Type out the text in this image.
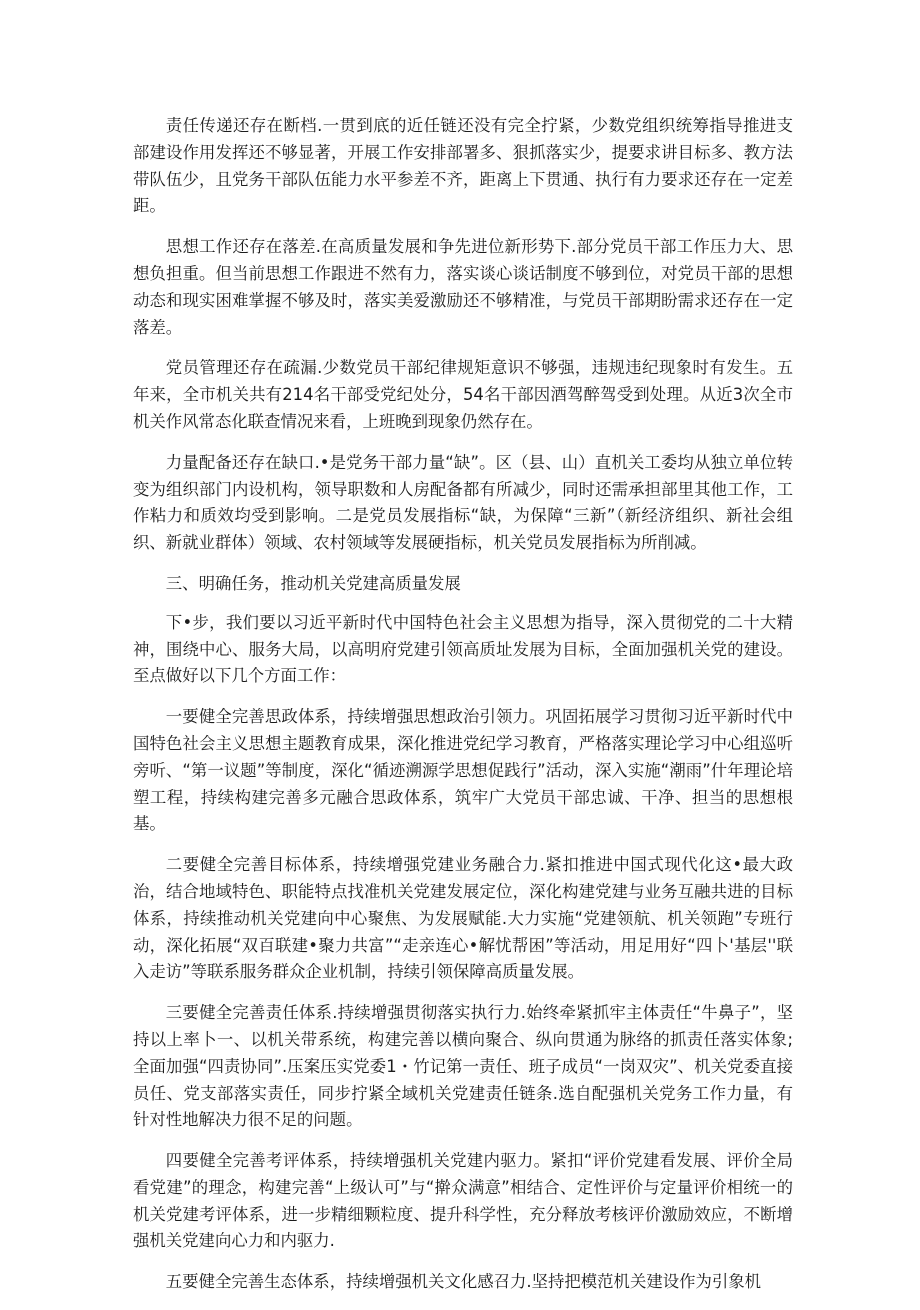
责任传递还存在断档.一贯到底的近任链还没有完全拧紧，少数党组织统筹指导推进支部建设作用发挥还不够显著，开展工作安排部署多、狠抓落实少，提要求讲目标多、教方法带队伍少，且党务干部队伍能力水平参差不齐，距离上下贯通、执行有力要求还存在一定差距。

思想工作还存在落差.在高质量发展和争先进位新形势下.部分党员干部工作压力大、思想负担重。但当前思想工作跟进不然有力，落实谈心谈话制度不够到位，对党员干部的思想动态和现实困难掌握不够及时，落实美爱激励还不够精准，与党员干部期盼需求还存在一定落差。

党员管理还存在疏漏.少数党员干部纪律规矩意识不够强，违规违纪现象时有发生。五年来，全市机关共有214名干部受党纪处分，54名干部因酒驾醉驾受到处理。从近3次全市机关作风常态化联查情况来看，上班晚到现象仍然存在。

力量配备还存在缺口.•是党务干部力量“缺”。区（县、山）直机关工委均从独立单位转变为组织部门内设机构，领导职数和人房配备都有所减少，同时还需承担部里其他工作，工作粘力和质效均受到影响。二是党员发展指标“缺，为保障“三新”（新经济组织、新社会组织、新就业群体）领域、农村领域等发展硬指标，机关党员发展指标为所削减。

三、明确任务，推动机关党建高质量发展

下•步，我们要以习近平新时代中国特色社会主义思想为指导，深入贯彻党的二十大精神，围绕中心、服务大局，以高明府党建引领高质址发展为目标，全面加强机关党的建设。至点做好以下几个方面工作：

一要健全完善思政体系，持续增强思想政治引领力。巩固拓展学习贯彻习近平新时代中国特色社会主义思想主题教育成果，深化推进党纪学习教育，严格落实理论学习中心组巡听旁听、“第一议题”等制度，深化“循迹溯源学思想促践行”活动，深入实施“潮雨”什年理论培塑工程，持续构建完善多元融合思政体系，筑牢广大党员干部忠诚、干净、担当的思想根基。

二要健全完善目标体系，持续增强党建业务融合力.紧扣推进中国式现代化这•最大政治，结合地域特色、职能特点找准机关党建发展定位，深化构建党建与业务互融共进的目标体系，持续推动机关党建向中心聚焦、为发展赋能.大力实施“党建领航、机关领跑”专班行动，深化拓展“双百联建•聚力共富”“走亲连心•解忧帮困”等活动，用足用好“四卜'基层''联入走访”等联系服务群众企业机制，持续引领保障高质量发展。

三要健全完善责任体系.持续增强贯彻落实执行力.始终牵紧抓牢主体责任“牛鼻子”，坚持以上率卜一、以机关带系统，构建完善以横向聚合、纵向贯通为脉络的抓责任落实体象;全面加强“四责协同”.压案压实党委1・竹记第一责任、班子成员“一岗双灾”、机关党委直接员任、党支部落实责任，同步拧紧全域机关党建责任链条.选自配强机关党务工作力量，有针对性地解决力很不足的问题。

四要健全完善考评体系，持续增强机关党建内驱力。紧扣“评价党建看发展、评价全局看党建”的理念，构建完善“上级认可”与“擀众满意”相结合、定性评价与定量评价相统一的机关党建考评体系，进一步精细颗粒度、提升科学性，充分释放考核评价激励效应，不断增强机关党建向心力和内驱力.

五要健全完善生态体系，持续增强机关文化感召力.坚持把模范机关建设作为引象机
